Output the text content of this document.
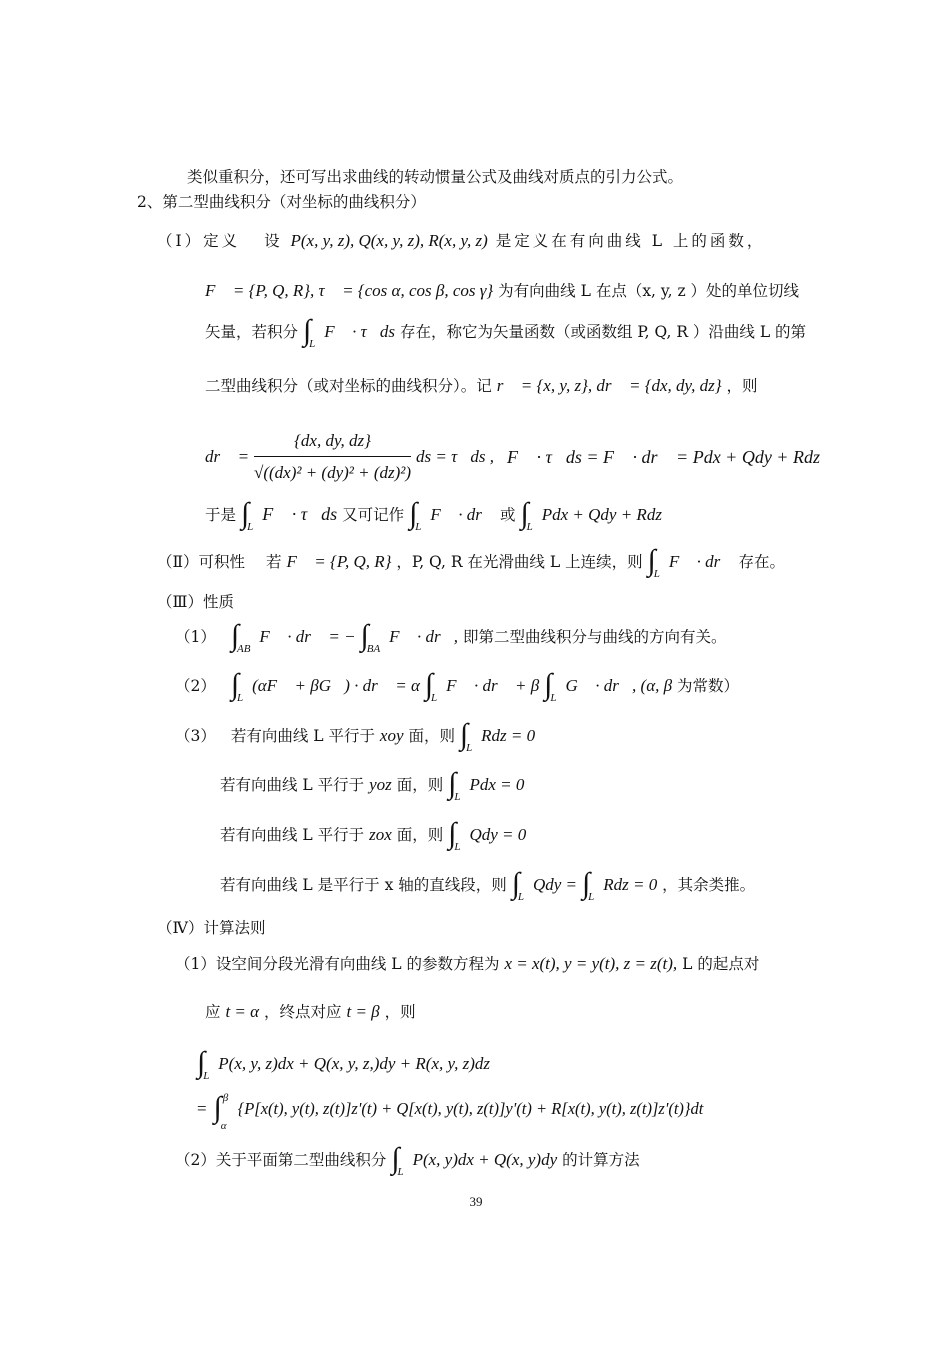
类似重积分，还可写出求曲线的转动惯量公式及曲线对质点的引力公式。
2、第二型曲线积分（对坐标的曲线积分）
（Ⅰ）定义 设 P(x, y, z), Q(x, y, z), R(x, y, z) 是定义在有向曲线 L 上的函数，
F⃗ = {P, Q, R}, τ⃗ = {cos α, cos β, cos γ} 为有向曲线 L 在点（x, y, z ）处的单位切线
矢量，若积分 $\int_L$ F⃗ · τ⃗ds 存在，称它为矢量函数（或函数组 P, Q, R ）沿曲线 L 的第
二型曲线积分（或对坐标的曲线积分）。记 r⃗ = {x, y, z}, dr⃗ = {dx, dy, dz} ，则
dr⃗ = $\frac{\{dx, dy, dz\}}{\text{√((dx)² + (dy)² + (dz)²)}}$ ds = τ⃗ds , F⃗ · τ⃗ds = F⃗ · dr⃗ = Pdx + Qdy + Rdz
于是 $\int_L$ F⃗ · τ⃗ds 又可记作 $\int_L$ F⃗ · dr⃗ 或 $\int_L$ Pdx + Qdy + Rdz
（Ⅱ）可积性 若 F⃗ = {P, Q, R} ，P, Q, R 在光滑曲线 L 上连续，则 $\int_L$ F⃗ · dr⃗ 存在。
（Ⅲ）性质
（1） $\int_{AB}$ F⃗ · dr⃗ = − $\int_{BA}$ F⃗ · dr⃗, 即第二型曲线积分与曲线的方向有关。
（2） $\int_L$ (αF⃗ + βG⃗) · dr⃗ = α $\int_L$ F⃗ · dr⃗ + β $\int_L$ G⃗ · dr⃗, (α, β 为常数）
（3） 若有向曲线 L 平行于 xoy 面，则 $\int_L$ Rdz = 0
若有向曲线 L 平行于 yoz 面，则 $\int_L$ Pdx = 0
若有向曲线 L 平行于 zox 面，则 $\int_L$ Qdy = 0
若有向曲线 L 是平行于 x 轴的直线段，则 $\int_L$ Qdy = $\int_L$ Rdz = 0 ，其余类推。
（Ⅳ）计算法则
（1）设空间分段光滑有向曲线 L 的参数方程为 x = x(t), y = y(t), z = z(t), L 的起点对
应 t = α ，终点对应 t = β ，则
$\int_L$ P(x, y, z)dx + Q(x, y, z,)dy + R(x, y, z)dz
= ∫ β
α
{P[x(t), y(t), z(t)]z'(t) + Q[x(t), y(t), z(t)]y'(t) + R[x(t), y(t), z(t)]z'(t)}dt
（2）关于平面第二型曲线积分 $\int_L$ P(x, y)dx + Q(x, y)dy 的计算方法
39
